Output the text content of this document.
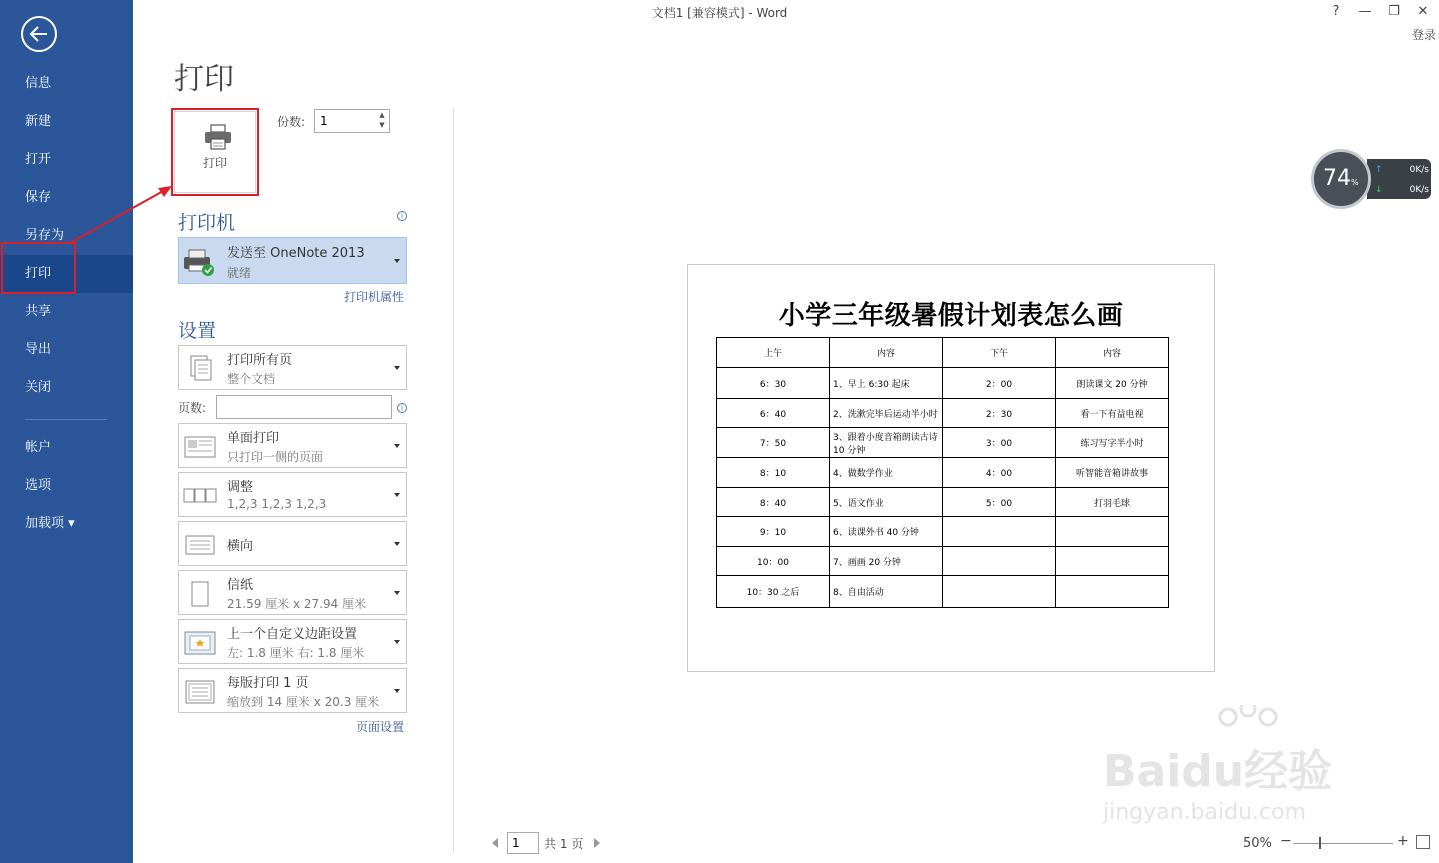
信息
新建
打开
保存
另存为
打印
共享
导出
关闭
帐户
选项
加载项 ▾
文档1 [兼容模式] - Word	?	—	❐	✕
登录
打印
打印
份数:	1	▲
▼
打印机	i
发送至 OneNote 2013
就绪
打印机属性
设置
打印所有页
整个文档
页数:	i
单面打印
只打印一侧的页面
调整
1,2,3 1,2,3 1,2,3
横向
信纸
21.59 厘米 x 27.94 厘米
上一个自定义边距设置
左: 1.8 厘米 右: 1.8 厘米
每版打印 1 页
缩放到 14 厘米 x 20.3 厘米
页面设置
小学三年级暑假计划表怎么画
上午	内容	下午	内容
6：30	1、早上 6:30 起床	2：00	朗读课文 20 分钟
6：40	2、洗漱完毕后运动半小时	2：30	看一下有益电视
7：50	3、跟着小度音箱朗读古诗 10 分钟	3：00	练习写字半小时
8：10	4、做数学作业	4：00	听智能音箱讲故事
8：40	5、语文作业	5：00	打羽毛球
9：10	6、读课外书 40 分钟		
10：00	7、画画 20 分钟		
10：30 之后	8、自由活动		
1	共 1 页	50% −	+
↑	0K/s
↓	0K/s
74%
Baidu经验
jingyan.baidu.com
